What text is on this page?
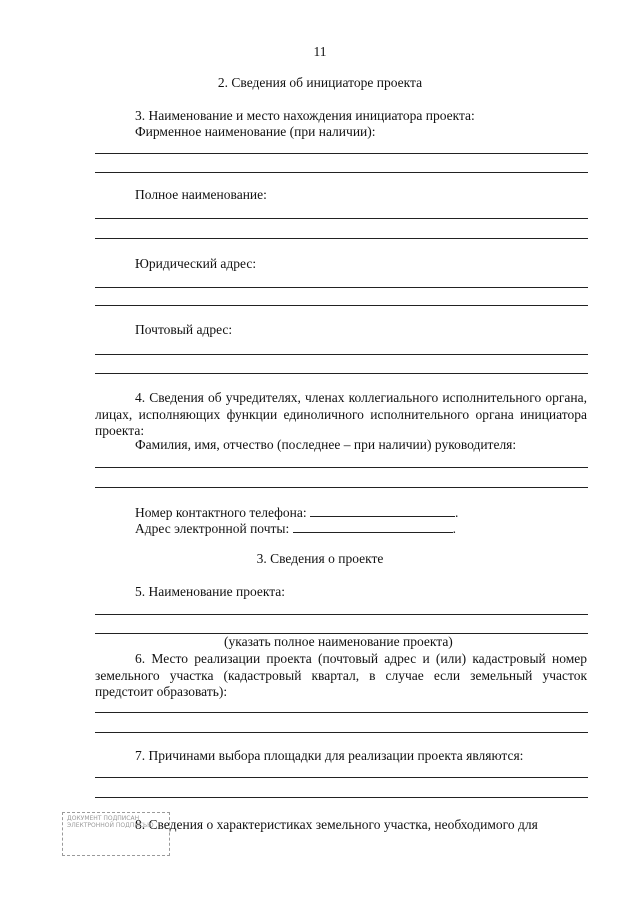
11
2. Сведения об инициаторе проекта
3. Наименование и место нахождения инициатора проекта:
Фирменное наименование (при наличии):
Полное наименование:
Юридический адрес:
Почтовый адрес:
4. Сведения об учредителях, членах коллегиального исполнительного органа,
лицах, исполняющих функции единоличного исполнительного органа инициатора
проекта:
Фамилия, имя, отчество (последнее – при наличии) руководителя:
Номер контактного телефона:	.
Адрес электронной почты:	.
3. Сведения о проекте
5. Наименование проекта:
(указать полное наименование проекта)
6. Место реализации проекта (почтовый адрес и (или) кадастровый номер
земельного участка (кадастровый квартал, в случае если земельный участок
предстоит образовать):
7. Причинами выбора площадки для реализации проекта являются:
8. Сведения о характеристиках земельного участка, необходимого для
ДОКУМЕНТ ПОДПИСАН ЭЛЕКТРОННОЙ ПОДПИСЬЮ
